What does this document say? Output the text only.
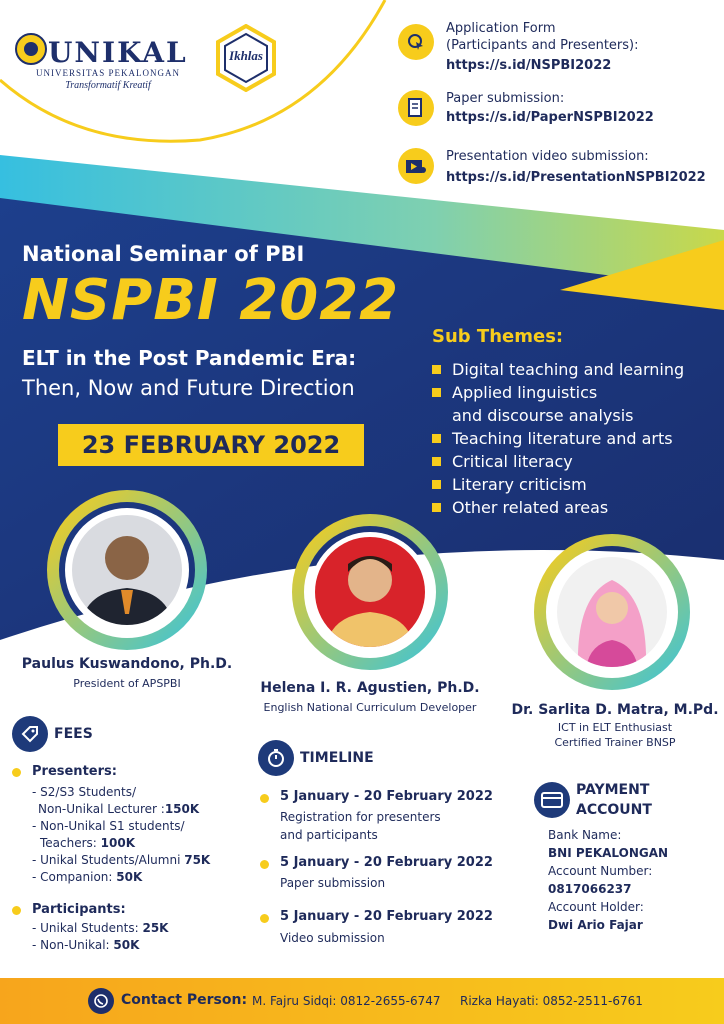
UNIKAL
UNIVERSITAS PEKALONGAN
Transformatif Kreatif
Ikhlas
Application Form
(Participants and Presenters):
https://s.id/NSPBI2022
Paper submission:
https://s.id/PaperNSPBI2022
Presentation video submission:
https://s.id/PresentationNSPBI2022
National Seminar of PBI
NSPBI 2022
ELT in the Post Pandemic Era:
Then, Now and Future Direction
23 FEBRUARY 2022
Sub Themes:
Digital teaching and learning
Applied linguistics
and discourse analysis
Teaching literature and arts
Critical literacy
Literary criticism
Other related areas
Paulus Kuswandono, Ph.D.
President of APSPBI	Helena I. R. Agustien, Ph.D.
English National Curriculum Developer	Dr. Sarlita D. Matra, M.Pd.
ICT in ELT Enthusiast
Certified Trainer BNSP
FEES
Presenters:
- S2/S3 Students/
Non-Unikal Lecturer :150K
- Non-Unikal S1 students/
Teachers: 100K
- Unikal Students/Alumni 75K
- Companion: 50K
Participants:
- Unikal Students: 25K
- Non-Unikal: 50K
TIMELINE
5 January - 20 February 2022
Registration for presenters
and participants
5 January - 20 February 2022
Paper submission
5 January - 20 February 2022
Video submission
PAYMENT
ACCOUNT
Bank Name:
BNI PEKALONGAN
Account Number:
0817066237
Account Holder:
Dwi Ario Fajar
Contact Person: M. Fajru Sidqi: 0812-2655-6747 Rizka Hayati: 0852-2511-6761
